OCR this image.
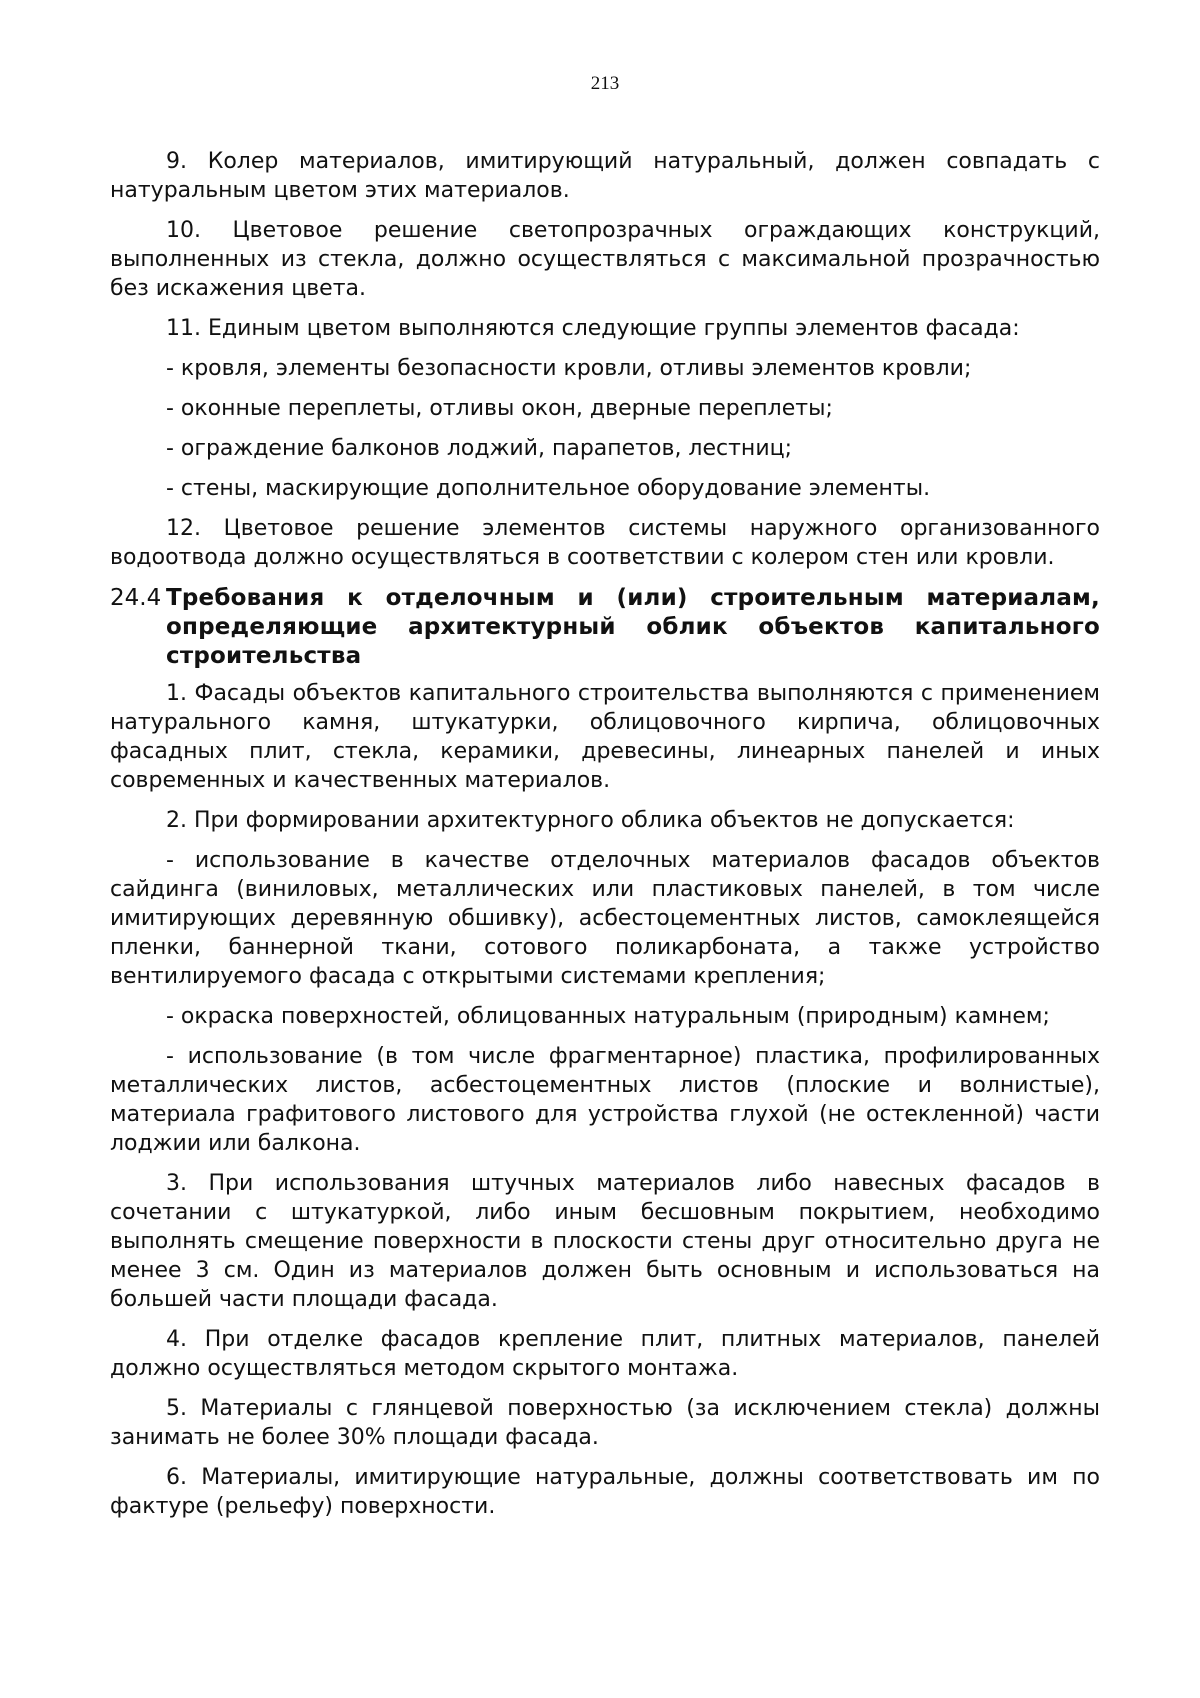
213

9. Колер материалов, имитирующий натуральный, должен совпадать с натуральным цветом этих материалов.

10. Цветовое решение светопрозрачных ограждающих конструкций, выполненных из стекла, должно осуществляться с максимальной прозрачностью без искажения цвета.

11. Единым цветом выполняются следующие группы элементов фасада:

- кровля, элементы безопасности кровли, отливы элементов кровли;

- оконные переплеты, отливы окон, дверные переплеты;

- ограждение балконов лоджий, парапетов, лестниц;

- стены, маскирующие дополнительное оборудование элементы.

12. Цветовое решение элементов системы наружного организованного водоотвода должно осуществляться в соответствии с колером стен или кровли.

24.4 Требования к отделочным и (или) строительным материалам, определяющие архитектурный облик объектов капитального строительства

1. Фасады объектов капитального строительства выполняются с применением натурального камня, штукатурки, облицовочного кирпича, облицовочных фасадных плит, стекла, керамики, древесины, линеарных панелей и иных современных и качественных материалов.

2. При формировании архитектурного облика объектов не допускается:

- использование в качестве отделочных материалов фасадов объектов сайдинга (виниловых, металлических или пластиковых панелей, в том числе имитирующих деревянную обшивку), асбестоцементных листов, самоклеящейся пленки, баннерной ткани, сотового поликарбоната, а также устройство вентилируемого фасада с открытыми системами крепления;

- окраска поверхностей, облицованных натуральным (природным) камнем;

- использование (в том числе фрагментарное) пластика, профилированных металлических листов, асбестоцементных листов (плоские и волнистые), материала графитового листового для устройства глухой (не остекленной) части лоджии или балкона.

3. При использования штучных материалов либо навесных фасадов в сочетании с штукатуркой, либо иным бесшовным покрытием, необходимо выполнять смещение поверхности в плоскости стены друг относительно друга не менее 3 см. Один из материалов должен быть основным и использоваться на большей части площади фасада.

4. При отделке фасадов крепление плит, плитных материалов, панелей должно осуществляться методом скрытого монтажа.

5. Материалы с глянцевой поверхностью (за исключением стекла) должны занимать не более 30% площади фасада.

6. Материалы, имитирующие натуральные, должны соответствовать им по фактуре (рельефу) поверхности.
